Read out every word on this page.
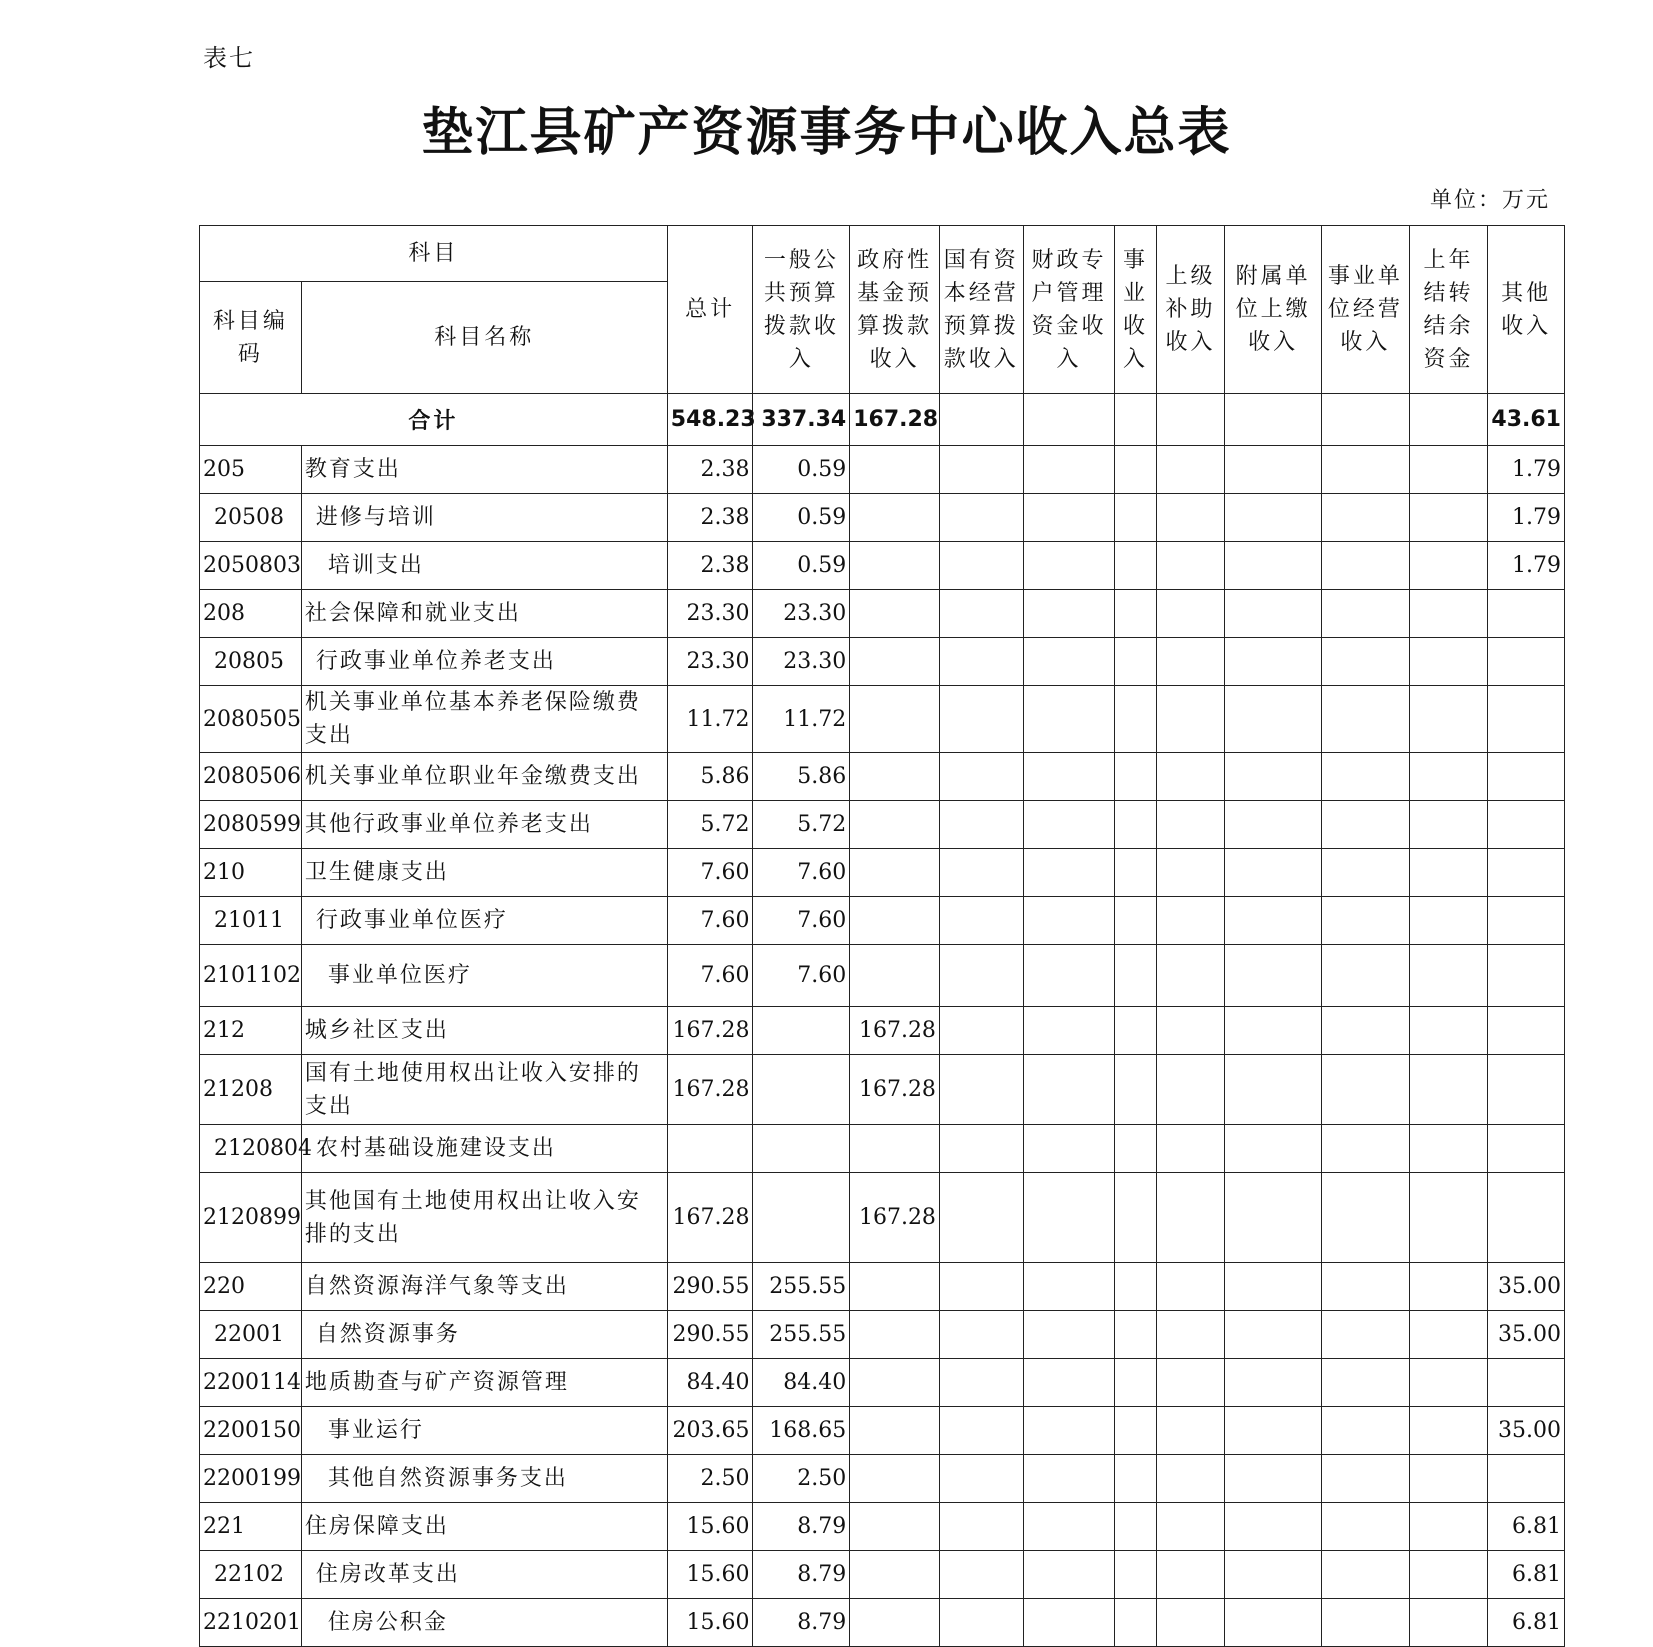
表七
垫江县矿产资源事务中心收入总表
单位：万元
科目		总计	一般公共预算拨款收入	政府性基金预算拨款收入	国有资本经营预算拨款收入	财政专户管理资金收入	事业收入	上级补助收入	附属单位上缴收入	事业单位经营收入	上年结转结余资金	其他收入
科目编码	科目名称											
合计		548.23	337.34	167.28								43.61
205	教育支出	2.38	0.59									1.79
20508	进修与培训	2.38	0.59									1.79
2050803	培训支出	2.38	0.59									1.79
208	社会保障和就业支出	23.30	23.30									
20805	行政事业单位养老支出	23.30	23.30									
2080505	机关事业单位基本养老保险缴费支出	11.72	11.72									
2080506	机关事业单位职业年金缴费支出	5.86	5.86									
2080599	其他行政事业单位养老支出	5.72	5.72									
210	卫生健康支出	7.60	7.60									
21011	行政事业单位医疗	7.60	7.60									
2101102	事业单位医疗	7.60	7.60									
212	城乡社区支出	167.28		167.28								
21208	国有土地使用权出让收入安排的支出	167.28		167.28								
2120804	农村基础设施建设支出											
2120899	其他国有土地使用权出让收入安排的支出	167.28		167.28								
220	自然资源海洋气象等支出	290.55	255.55									35.00
22001	自然资源事务	290.55	255.55									35.00
2200114	地质勘查与矿产资源管理	84.40	84.40									
2200150	事业运行	203.65	168.65									35.00
2200199	其他自然资源事务支出	2.50	2.50									
221	住房保障支出	15.60	8.79									6.81
22102	住房改革支出	15.60	8.79									6.81
2210201	住房公积金	15.60	8.79									6.81
